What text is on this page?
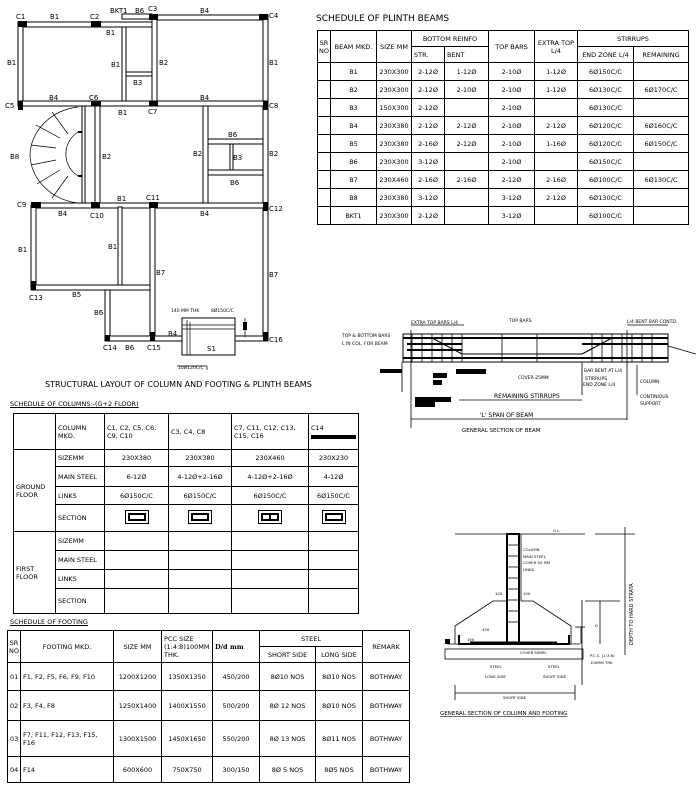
C1	C2
C3
C4
C5
C6
C7
C8
C9
C10
C11
C12
C13
C14	C15
C16
B1
BKT1 B6	B4
B1
B1	B1	B2	B1
B3
B4	B4
B1
B6
B8	B2	B2	B3	B2
B6
B1
B4	B4
B1	B1
B7	B7
B5
B6
B4
B6	S1
140 MM THK	8Ø150C/C
10Ø120C/C
STRUCTURAL LAYOUT OF COLUMN AND FOOTING & PLINTH BEAMS
SCHEDULE OF PLINTH BEAMS
SR NO	BEAM MKD.	SIZE MM	BOTTOM REINFO		TOP BARS	EXTRA TOP L/4	STIRRUPS	
			STR.	BENT			END ZONE L/4	REMAINING
	B1	230X300	2-12Ø	1-12Ø	2-10Ø	1-12Ø	6Ø150C/C	
	B2	230X300	2-12Ø	2-10Ø	2-10Ø	1-12Ø	6Ø130C/C	6Ø170C/C
	B3	150X300	2-12Ø		2-10Ø		6Ø130C/C	
	B4	230X380	2-12Ø	2-12Ø	2-10Ø	2-12Ø	6Ø120C/C	6Ø160C/C
	B5	230X380	2-16Ø	2-12Ø	2-10Ø	1-16Ø	6Ø120C/C	6Ø150C/C
	B6	230X300	3-12Ø		2-10Ø		6Ø150C/C	
	B7	230X460	2-16Ø	2-16Ø	2-12Ø	2-16Ø	6Ø100C/C	6Ø130C/C
	B8	230X380	3-12Ø		3-12Ø	2-12Ø	6Ø130C/C	
	BKT1	230X300	2-12Ø		3-12Ø		6Ø100C/C	
EXTRA TOP BARS L/4	TOP BARS	L/4 BENT BAR CONTD.
TOP & BOTTOM BARS
L IN COL. FOR BEAM
COVER-25MM
BAR BENT AT L/4
STIRRUPS
END ZONE L/4
COLUMN
CONTINIOUS
SUPPORT
REMAINING STIRRUPS
'L' SPAN OF BEAM
GENERAL SECTION OF BEAM
SCHEDULE OF COLUMNS:-(G+2 FLOOR)
	COLUMN MKD.	C1, C2, C5, C6, C9, C10	C3, C4, C8	C7, C11, C12, C13, C15, C16	C14

GROUND FLOOR	SIZEMM	230X380	230X380	230X460	230X230
	MAIN STEEL	6-12Ø	4-12Ø+2-16Ø	4-12Ø+2-16Ø	4-12Ø
	LINKS	6Ø150C/C	6Ø150C/C	6Ø150C/C	6Ø150C/C
	SECTION				
FIRST FLOOR	SIZEMM				
	MAIN STEEL				
	LINKS				
	SECTION				
SCHEDULE OF FOOTING
SR NO	FOOTING MKD.	SIZE MM	PCC SIZE (1:4:8)100MM THK.	D/d mm	STEEL		REMARK
					SHORT SIDE	LONG SIDE	
01	F1, F2, F5, F6, F9, F10	1200X1200	1350X1350	450/200	8Ø10 NOS	8Ø10 NOS	BOTHWAY
02	F3, F4, F8	1250X1400	1400X1550	500/200	8Ø 12 NOS	8Ø10 NOS	BOTHWAY
03	F7, F11, F12, F13, F15, F16	1300X1500	1450X1650	550/200	8Ø 13 NOS	8Ø11 NOS	BOTHWAY
04	F14	600X600	750X750	300/150	8Ø 5 NOS	8Ø5 NOS	BOTHWAY
G.L.
COLUMN
MAIN STEEL
COVER 50 MM
LINKS
100	100
450
150
COVER 50MM
STEEL
LONG SIDE
STEEL
SHORT SIDE
P.C.C. (1:3:6)
100MM THK
SHORT SIDE
D	DEPTH TO HARD STRATA
GENERAL SECTION OF COLUMN AND FOOTING
